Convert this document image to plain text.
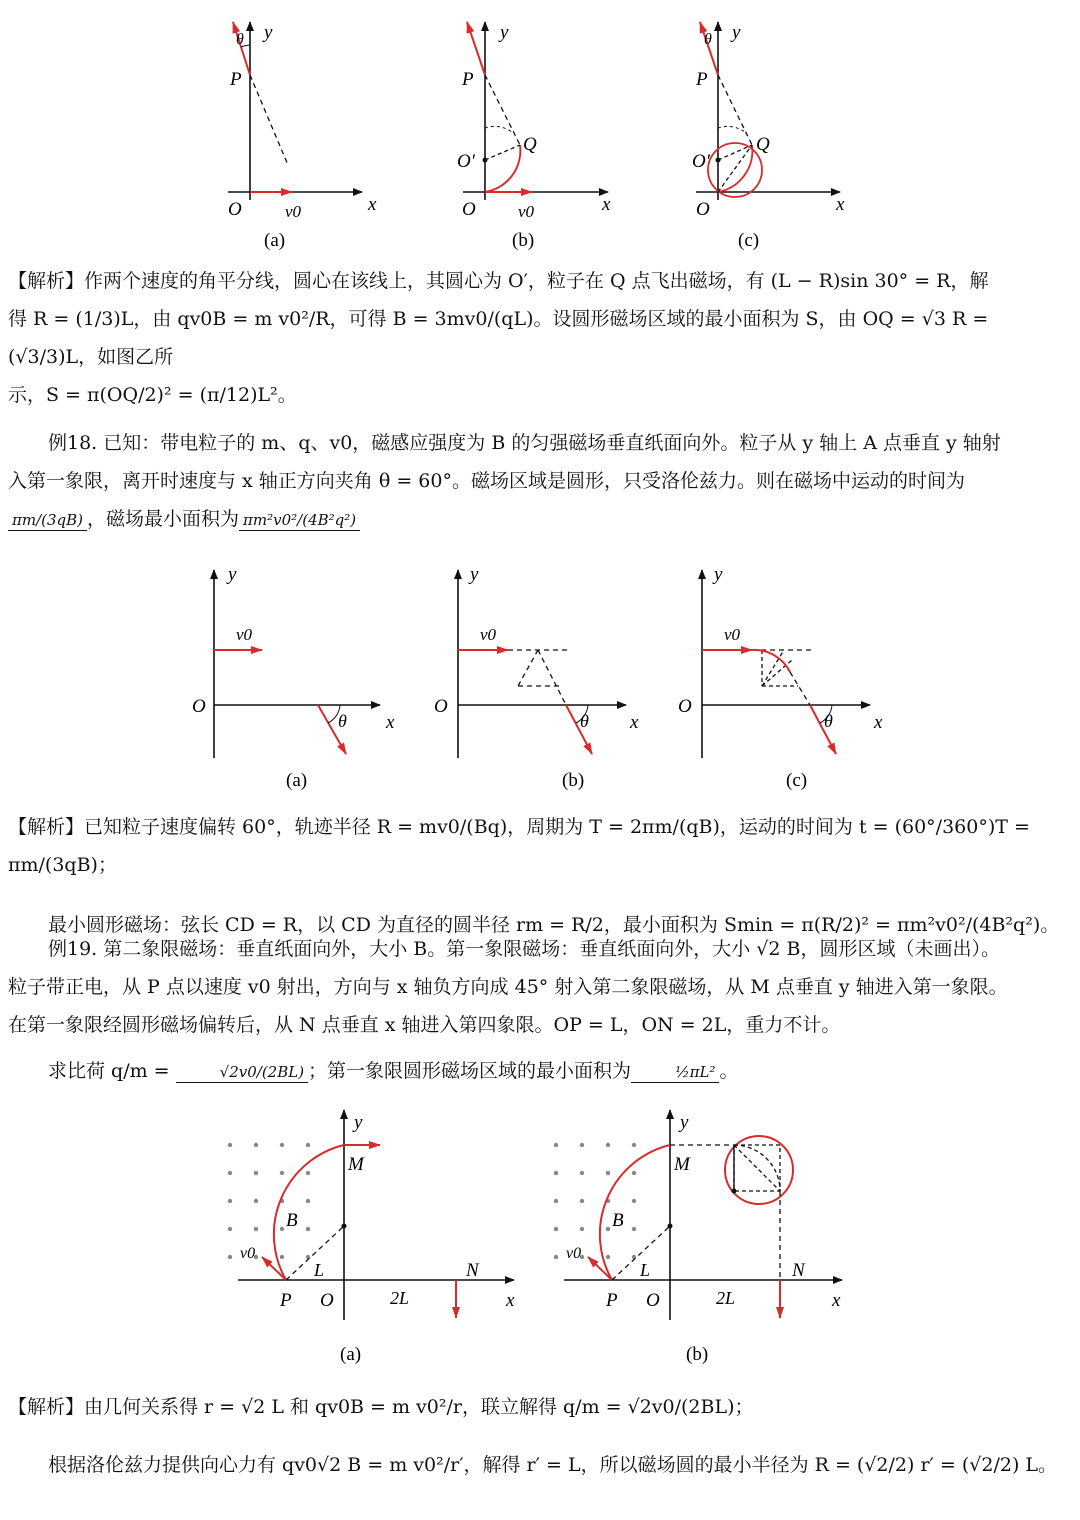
y
θ
P
O	v0	x
(a)
y
P
Q
O′
O v0	x
(b)
y
θ
P
Q
O′
O	x
(c)
【解析】作两个速度的角平分线，圆心在该线上，其圆心为 O′，粒子在 Q 点飞出磁场，有 (L − R)sin 30° = R，解
得 R = (1/3)L，由 qv0B = m v0²/R，可得 B = 3mv0/(qL)。设圆形磁场区域的最小面积为 S，由 OQ = √3 R = (√3/3)L，如图乙所
示，S = π(OQ/2)² = (π/12)L²。
例18. 已知：带电粒子的 m、q、v0，磁感应强度为 B 的匀强磁场垂直纸面向外。粒子从 y 轴上 A 点垂直 y 轴射
入第一象限，离开时速度与 x 轴正方向夹角 θ = 60°。磁场区域是圆形，只受洛伦兹力。则在磁场中运动的时间为
πm/(3qB) ，磁场最小面积为 πm²v0²/(4B²q²)
y
v0
O
θ x
(a)
y
v0
O
θ x
(b)
y
v0
O
θ x
(c)
【解析】已知粒子速度偏转 60°，轨迹半径 R = mv0/(Bq)，周期为 T = 2πm/(qB)，运动的时间为 t = (60°/360°)T = πm/(3qB)；
最小圆形磁场：弦长 CD = R，以 CD 为直径的圆半径 rm = R/2，最小面积为 Smin = π(R/2)² = πm²v0²/(4B²q²)。
例19. 第二象限磁场：垂直纸面向外，大小 B。第一象限磁场：垂直纸面向外，大小 √2 B，圆形区域（未画出）。
粒子带正电，从 P 点以速度 v0 射出，方向与 x 轴负方向成 45° 射入第二象限磁场，从 M 点垂直 y 轴进入第一象限。
在第一象限经圆形磁场偏转后，从 N 点垂直 x 轴进入第四象限。OP = L，ON = 2L，重力不计。
求比荷 q/m =	√2v0/(2BL) ；第一象限圆形磁场区域的最小面积为	½πL² 。
y
M
B
v0
L	N
P O	2L	x
(a)
y
M
B
v0
L	N
P O	2L	x
(b)
【解析】由几何关系得 r = √2 L 和 qv0B = m v0²/r，联立解得 q/m = √2v0/(2BL)；
根据洛伦兹力提供向心力有 qv0√2 B = m v0²/r′，解得 r′ = L，所以磁场圆的最小半径为 R = (√2/2) r′ = (√2/2) L。
